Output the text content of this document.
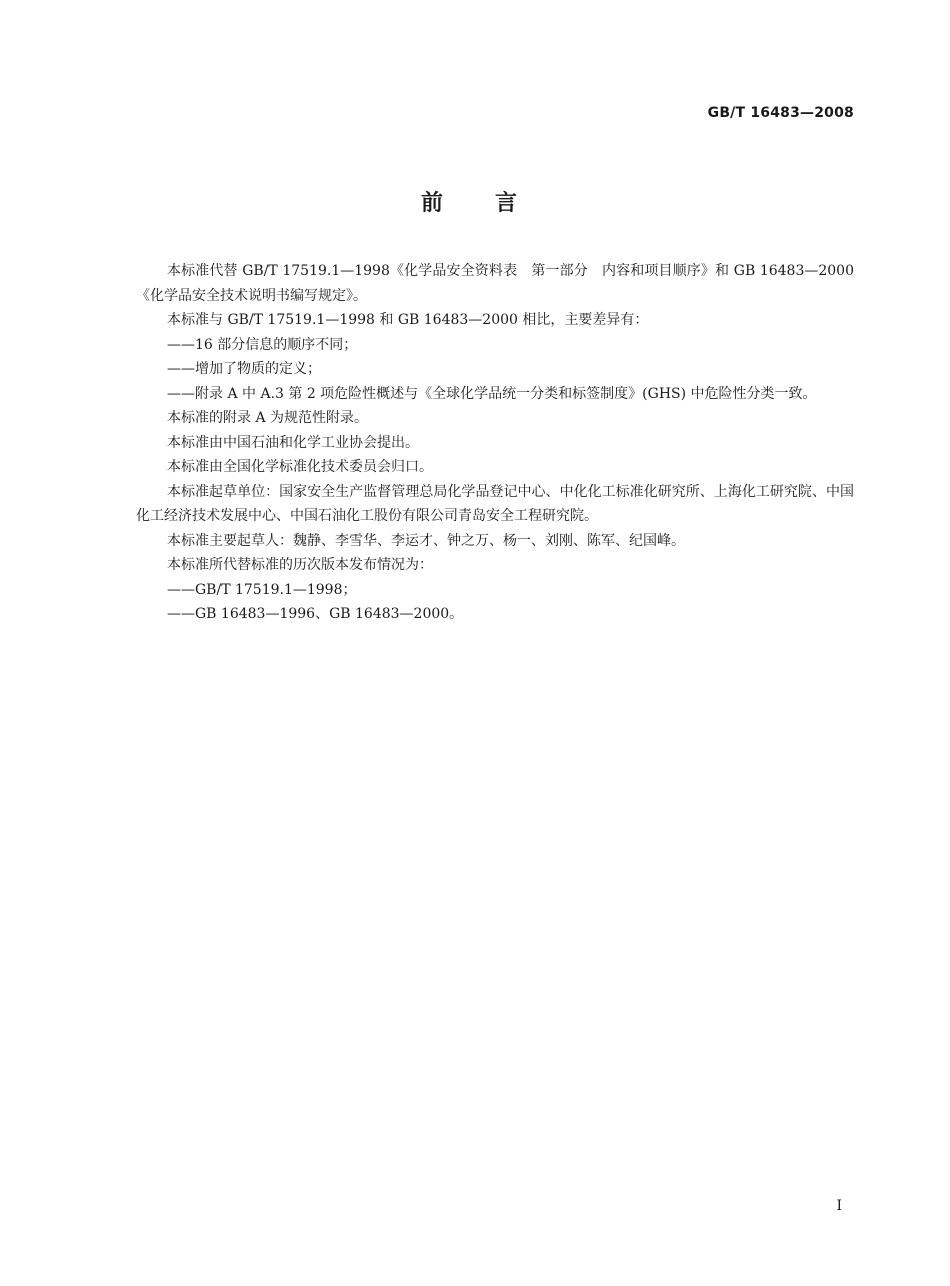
GB/T 16483—2008
前言

本标准代替 GB/T 17519.1—1998《化学品安全资料表　第一部分　内容和项目顺序》和 GB 16483—2000《化学品安全技术说明书编写规定》。

本标准与 GB/T 17519.1—1998 和 GB 16483—2000 相比，主要差异有：

——16 部分信息的顺序不同；

——增加了物质的定义；

——附录 A 中 A.3 第 2 项危险性概述与《全球化学品统一分类和标签制度》(GHS) 中危险性分类一致。

本标准的附录 A 为规范性附录。

本标准由中国石油和化学工业协会提出。

本标准由全国化学标准化技术委员会归口。

本标准起草单位：国家安全生产监督管理总局化学品登记中心、中化化工标准化研究所、上海化工研究院、中国化工经济技术发展中心、中国石油化工股份有限公司青岛安全工程研究院。

本标准主要起草人：魏静、李雪华、李运才、钟之万、杨一、刘刚、陈军、纪国峰。

本标准所代替标准的历次版本发布情况为：

——GB/T 17519.1—1998；

——GB 16483—1996、GB 16483—2000。

I
